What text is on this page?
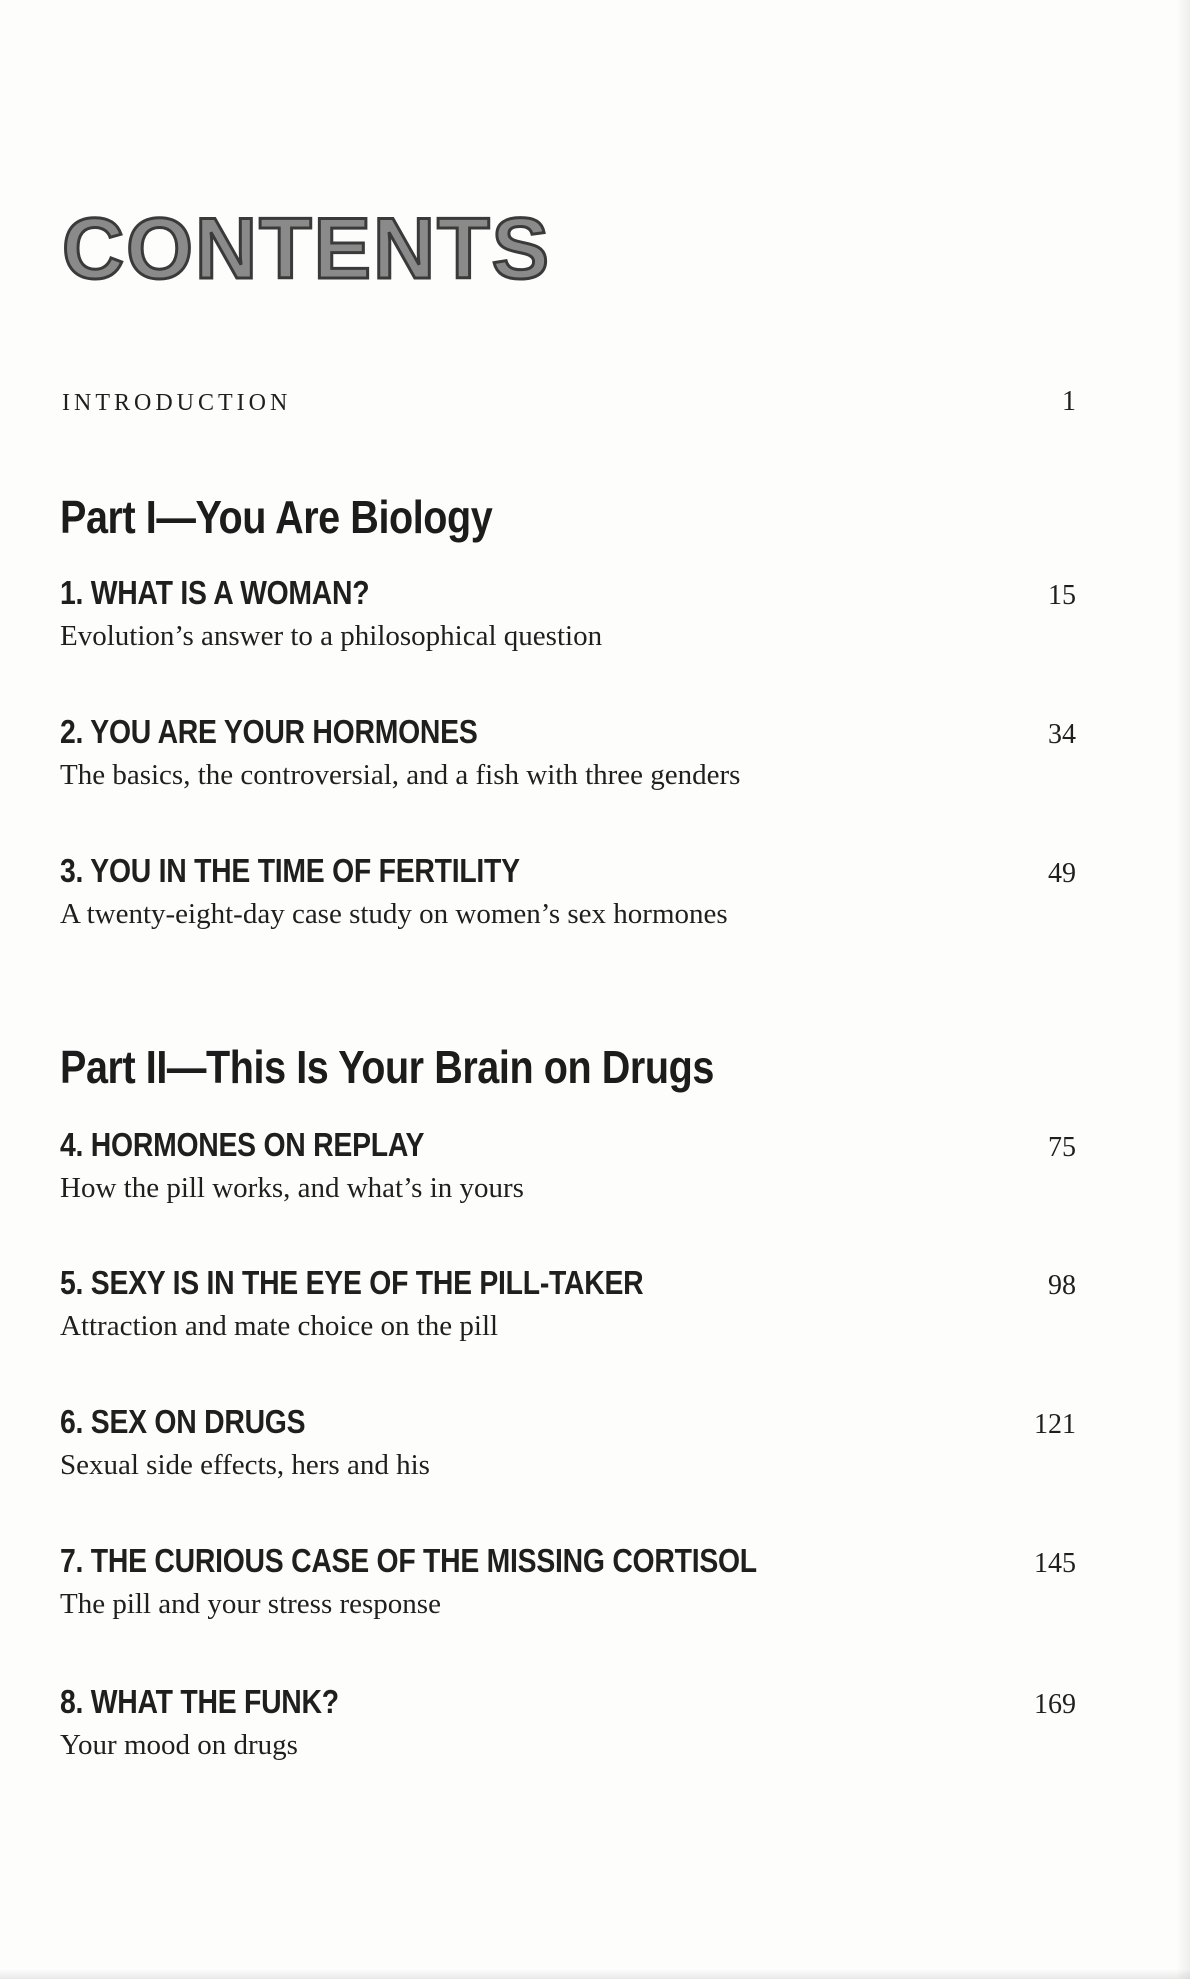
CONTENTS
INTRODUCTION	1
Part I—You Are Biology
1. WHAT IS A WOMAN?	15
Evolution’s answer to a philosophical question
2. YOU ARE YOUR HORMONES	34
The basics, the controversial, and a fish with three genders
3. YOU IN THE TIME OF FERTILITY	49
A twenty-eight-day case study on women’s sex hormones
Part II—This Is Your Brain on Drugs
4. HORMONES ON REPLAY	75
How the pill works, and what’s in yours
5. SEXY IS IN THE EYE OF THE PILL-TAKER	98
Attraction and mate choice on the pill
6. SEX ON DRUGS	121
Sexual side effects, hers and his
7. THE CURIOUS CASE OF THE MISSING CORTISOL	145
The pill and your stress response
8. WHAT THE FUNK?	169
Your mood on drugs
